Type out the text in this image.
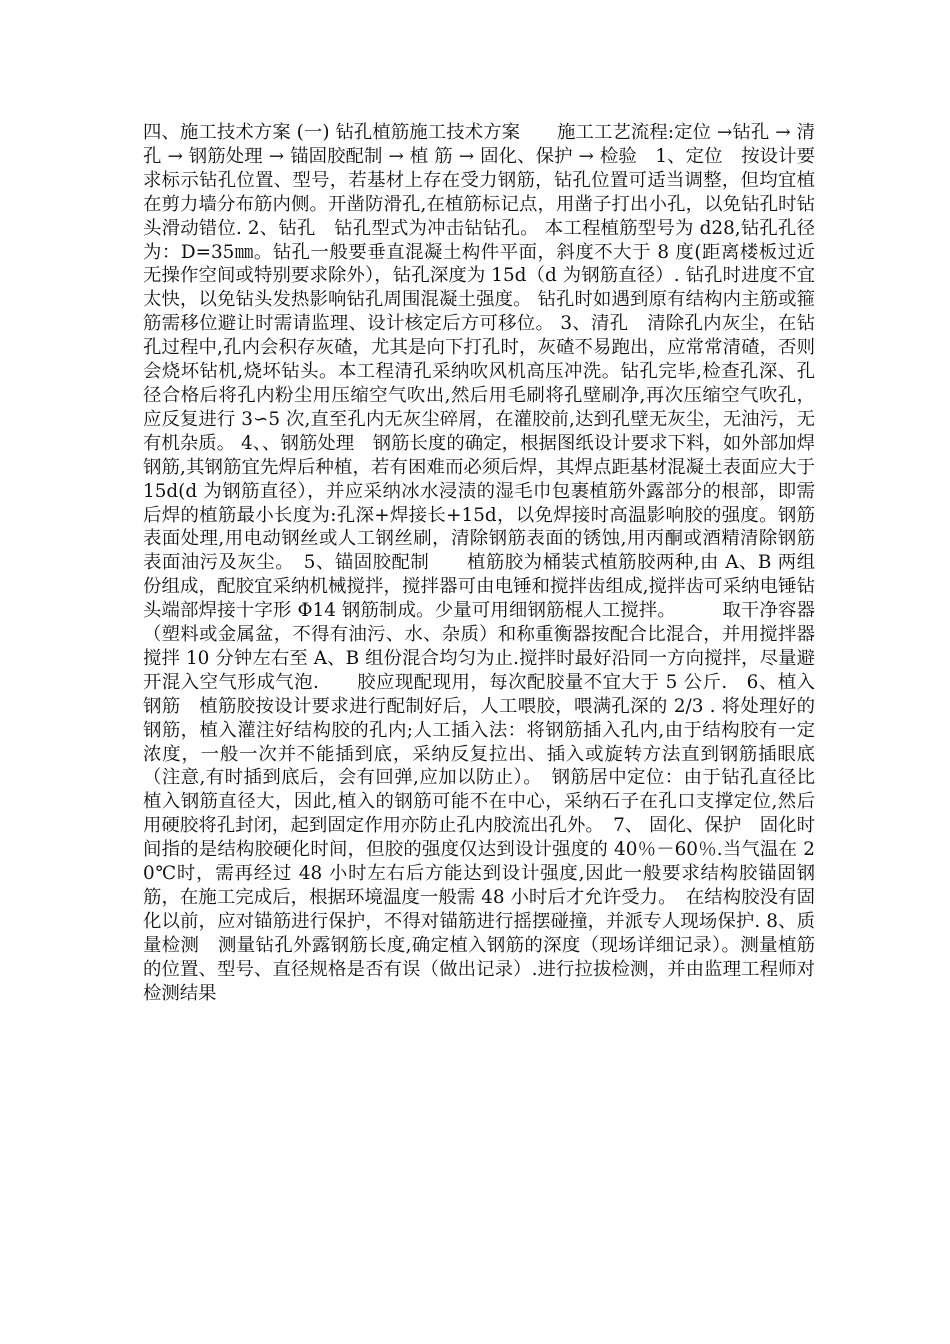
四、施工技术方案 (一) 钻孔植筋施工技术方案　　施工工艺流程:定位 →钻孔 → 清孔 → 钢筋处理 → 锚固胶配制 → 植 筋 → 固化、保护 → 检验　1、定位　按设计要求标示钻孔位置、型号，若基材上存在受力钢筋，钻孔位置可适当调整，但均宜植在剪力墙分布筋内侧。开凿防滑孔,在植筋标记点，用凿子打出小孔，以免钻孔时钻头滑动错位. 2、钻孔　钻孔型式为冲击钻钻孔。 本工程植筋型号为 d28,钻孔孔径为：D=35㎜。钻孔一般要垂直混凝土构件平面，斜度不大于 8 度(距离楼板过近无操作空间或特别要求除外），钻孔深度为 15d（d 为钢筋直径）. 钻孔时进度不宜太快，以免钻头发热影响钻孔周围混凝土强度。 钻孔时如遇到原有结构内主筋或箍筋需移位避让时需请监理、设计核定后方可移位。 3、清孔　清除孔内灰尘，在钻孔过程中,孔内会积存灰碴，尤其是向下打孔时，灰碴不易跑出，应常常清碴，否则会烧坏钻机,烧坏钻头。本工程清孔采纳吹风机高压冲洗。钻孔完毕,检查孔深、孔径合格后将孔内粉尘用压缩空气吹出,然后用毛刷将孔壁刷净,再次压缩空气吹孔，应反复进行 3∽5 次,直至孔内无灰尘碎屑，在灌胶前,达到孔壁无灰尘，无油污，无有机杂质。 4、、钢筋处理　钢筋长度的确定，根据图纸设计要求下料，如外部加焊钢筋,其钢筋宜先焊后种植，若有困难而必须后焊，其焊点距基材混凝土表面应大于 15d(d 为钢筋直径），并应采纳冰水浸渍的湿毛巾包裹植筋外露部分的根部，即需后焊的植筋最小长度为:孔深+焊接长+15d，以免焊接时高温影响胶的强度。钢筋表面处理,用电动钢丝或人工钢丝刷，清除钢筋表面的锈蚀,用丙酮或酒精清除钢筋表面油污及灰尘。　5、锚固胶配制　　植筋胶为桶装式植筋胶两种,由 A、B 两组份组成，配胶宜采纳机械搅拌，搅拌器可由电锤和搅拌齿组成,搅拌齿可采纳电锤钻头端部焊接十字形 Φ14 钢筋制成。少量可用细钢筋棍人工搅拌。　　　取干净容器（塑料或金属盆，不得有油污、水、杂质）和称重衡器按配合比混合，并用搅拌器搅拌 10 分钟左右至 A、B 组份混合均匀为止.搅拌时最好沿同一方向搅拌，尽量避开混入空气形成气泡.　　胶应现配现用，每次配胶量不宜大于 5 公斤.　6、植入钢筋　植筋胶按设计要求进行配制好后，人工喂胶，喂满孔深的 2/3 . 将处理好的钢筋，植入灌注好结构胶的孔内;人工插入法：将钢筋插入孔内,由于结构胶有一定浓度，一般一次并不能插到底，采纳反复拉出、插入或旋转方法直到钢筋插眼底（注意,有时插到底后，会有回弹,应加以防止）。　钢筋居中定位：由于钻孔直径比植入钢筋直径大，因此,植入的钢筋可能不在中心，采纳石子在孔口支撑定位,然后用硬胶将孔封闭，起到固定作用亦防止孔内胶流出孔外。　7、 固化、保护　固化时间指的是结构胶硬化时间，但胶的强度仅达到设计强度的 40％－60％.当气温在 20℃时，需再经过 48 小时左右后方能达到设计强度,因此一般要求结构胶锚固钢筋，在施工完成后，根据环境温度一般需 48 小时后才允许受力。　在结构胶没有固化以前，应对锚筋进行保护，不得对锚筋进行摇摆碰撞，并派专人现场保护. 8、质量检测　测量钻孔外露钢筋长度,确定植入钢筋的深度（现场详细记录）。测量植筋的位置、型号、直径规格是否有误（做出记录）.进行拉拔检测，并由监理工程师对检测结果
